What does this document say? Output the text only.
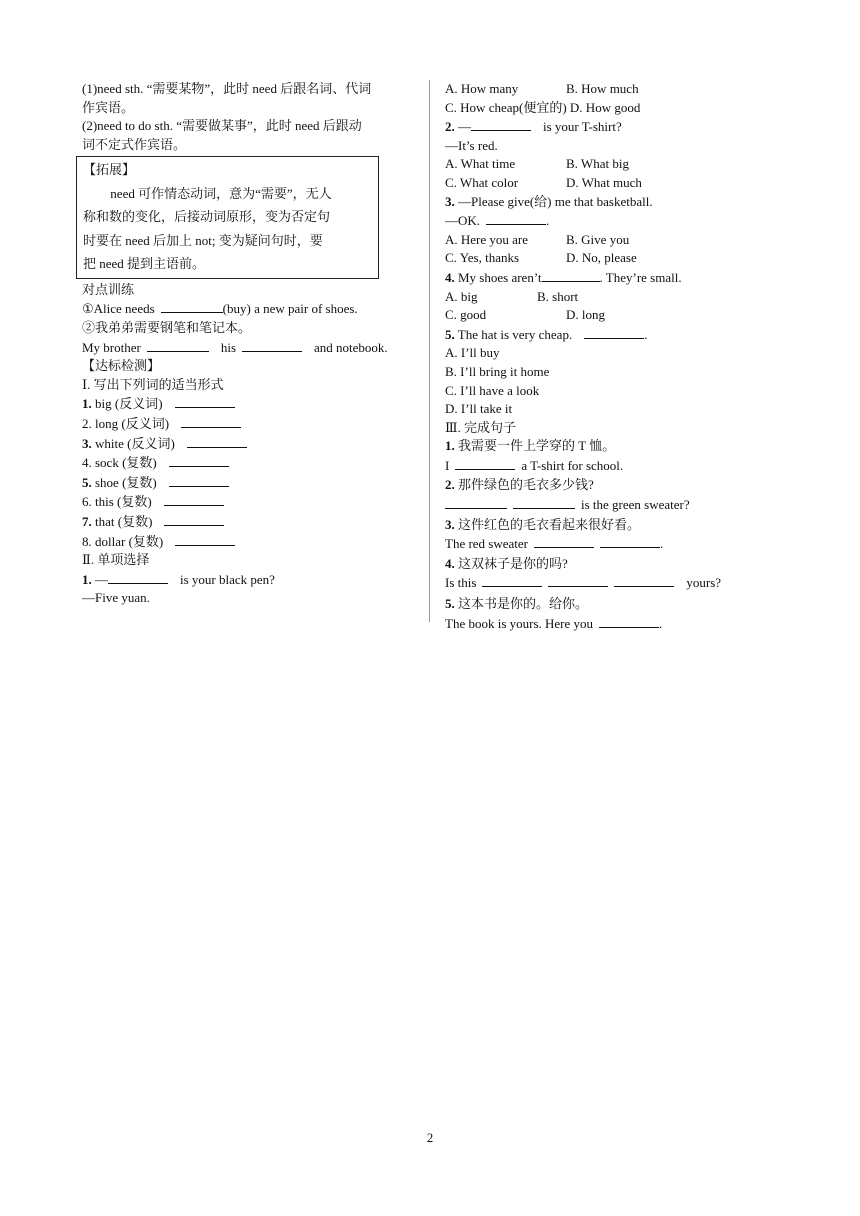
(1)need sth. “需要某物”，此时 need 后跟名词、代词
作宾语。
(2)need to do sth. “需要做某事”，此时 need 后跟动
词不定式作宾语。
【拓展】
need 可作情态动词，意为“需要”，无人
称和数的变化，后接动词原形，变为否定句
时要在 need 后加上 not; 变为疑问句时，要
把 need 提到主语前。
对点训练
①Alice needs	(buy) a new pair of shoes.
②我弟弟需要钢笔和笔记本。
My brother	his	and notebook.
【达标检测】
Ⅰ. 写出下列词的适当形式
1. big (反义词)
2. long (反义词)
3. white (反义词)
4. sock (复数)
5. shoe (复数)
6. this (复数)
7. that (复数)
8. dollar (复数)
Ⅱ. 单项选择
1. —	is your black pen?
—Five yuan.
A. How many	B. How much
C. How cheap(便宜的) D. How good
2. —	is your T-shirt?
—It’s red.
A. What time	B. What big
C. What color	D. What much
3. —Please give(给) me that basketball.
—OK.	.
A. Here you are	B. Give you
C. Yes, thanks	D. No, please
4. My shoes aren’t	. They’re small.
A. big	B. short
C. good	D. long
5. The hat is very cheap.	.
A. I’ll buy
B. I’ll bring it home
C. I’ll have a look
D. I’ll take it
Ⅲ. 完成句子
1. 我需要一件上学穿的 T 恤。
I	a T-shirt for school.
2. 那件绿色的毛衣多少钱?
is the green sweater?
3. 这件红色的毛衣看起来很好看。
The red sweater	.
4. 这双袜子是你的吗?
Is this	yours?
5. 这本书是你的。给你。
The book is yours. Here you	.
2
